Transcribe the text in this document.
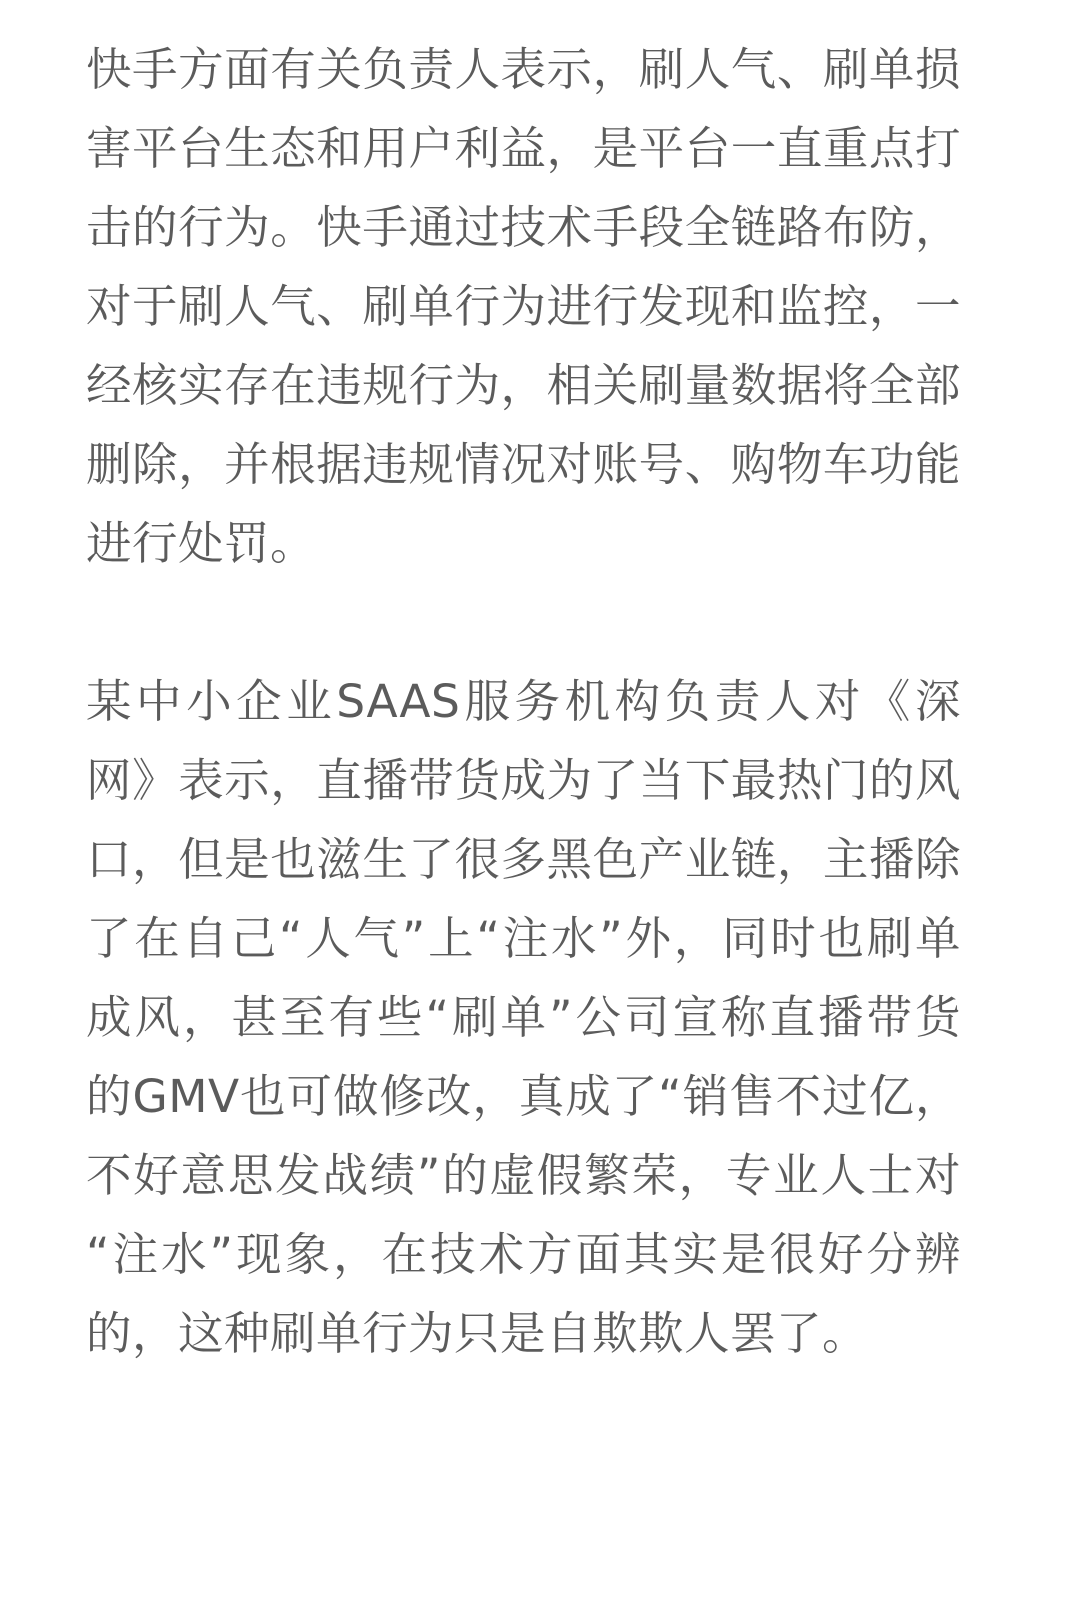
快手方面有关负责人表示，刷人气、刷单损害平台生态和用户利益，是平台一直重点打击的行为。快手通过技术手段全链路布防，对于刷人气、刷单行为进行发现和监控，一经核实存在违规行为，相关刷量数据将全部删除，并根据违规情况对账号、购物车功能进行处罚。

某中小企业SAAS服务机构负责人对《深网》表示，直播带货成为了当下最热门的风口，但是也滋生了很多黑色产业链，主播除了在自己“人气”上“注水”外，同时也刷单成风，甚至有些“刷单”公司宣称直播带货的GMV也可做修改，真成了“销售不过亿，不好意思发战绩”的虚假繁荣，专业人士对“注水”现象，在技术方面其实是很好分辨的，这种刷单行为只是自欺欺人罢了。
